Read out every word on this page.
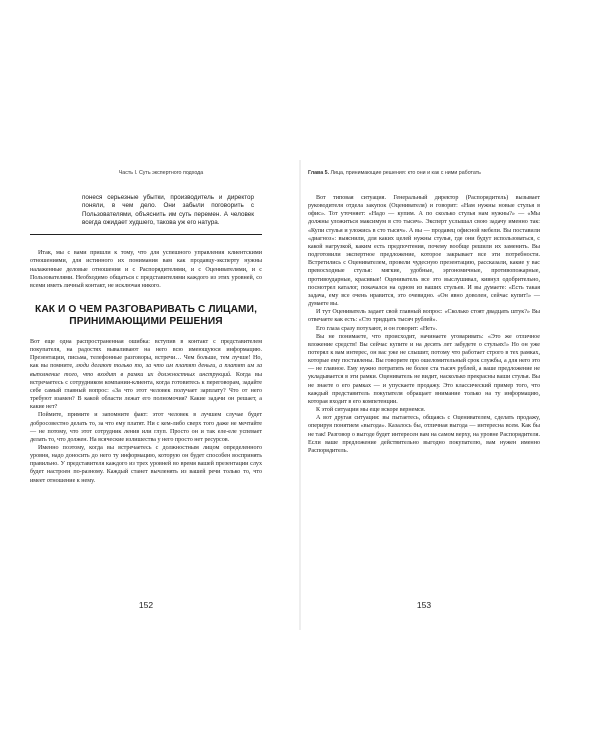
Часть I. Суть экспертного подхода
понеся серьезные убытки, производитель и директор поняли, в чем дело. Они забыли поговорить с Пользователями, объяснить им суть перемен. А человек всегда ожидает худшего, такова уж его натура.

Итак, мы с вами пришли к тому, что для успешного управления клиентскими отношениями, для истинного их понимания вам как продавцу-эксперту нужны налаженные деловые отношения и с Распорядителями, и с Оценивателями, и с Пользователями. Необходимо общаться с представителями каждого из этих уровней, со всеми иметь личный контакт, не исключая никого.

КАК И О ЧЕМ РАЗГОВАРИВАТЬ С ЛИЦАМИ, ПРИНИМАЮЩИМИ РЕШЕНИЯ

Вот еще одна распространенная ошибка: вступив в контакт с представителем покупателя, на радостях вываливают на него всю имеющуюся информацию. Презентации, письма, телефонные разговоры, встречи… Чем больше, тем лучше! Но, как вы помните, люди делают только то, за что им платят деньги, а платят им за выполнение того, что входит в рамки их должностных инструкций. Когда вы встречаетесь с сотрудником компании-клиента, когда готовитесь к переговорам, задайте себе самый главный вопрос: «За что этот человек получает зарплату? Что от него требуют взамен? В какой области лежат его полномочия? Какие задачи он решает, а какие нет?

Поймите, примите и запомните факт: этот человек в лучшем случае будет добросовестно делать то, за что ему платят. Ни с кем-либо сверх того даже не мечтайте — не потому, что этот сотрудник ленив или глуп. Просто он и так еле-еле успевает делать то, что должен. На всяческие излишества у него просто нет ресурсов.

Именно поэтому, когда вы встречаетесь с должностным лицом определенного уровня, надо доносить до него ту информацию, которую он будет способен воспринять правильно. У представителя каждого из трех уровней во время вашей презентации слух будет настроен по-разному. Каждый станет вычленять из вашей речи только то, что имеет отношение к нему.

152
Глава 5. Лица, принимающие решения: кто они и как с ними работать

Вот типовая ситуация. Генеральный директор (Распорядитель) вызывает руководителя отдела закупок (Оценивателя) и говорит: «Нам нужны новые стулья в офис». Тот уточняет: «Надо — купим. А по сколько стулья нам нужны?» — «Мы должны уложиться максимум в сто тысяч». Эксперт услышал свою задачу именно так: «Купи стулья и уложись в сто тысяч». А вы — продавец офисной мебели. Вы поставили «диагноз»: выяснили, для каких целей нужны стулья, где они будут использоваться, с какой нагрузкой, каким есть предпочтения, почему вообще решили их заменить. Вы подготовили экспертное предложение, которое закрывает все эти потребности. Встретились с Оценивателем, провели чудесную презентацию, рассказали, какие у вас превосходные стулья: мягкие, удобные, эргономичные, противопожарные, противоударные, красивые! Оцениватель все это выслушивал, кивнул одобрительно, посмотрел каталог, покачался на одном из ваших стульев. И вы думаете: «Есть такая задача, ему все очень нравится, это очевидно. «Он явно доволен, сейчас купит!» — думаете вы.

И тут Оцениватель задает свой главный вопрос: «Сколько стоят двадцать штук?» Вы отвечаете как есть: «Сто тридцать тысяч рублей».

Его глаза сразу потухают, и он говорит: «Нет».

Вы не понимаете, что происходит, начинаете уговаривать: «Это же отличное вложение средств! Вы сейчас купите и на десять лет забудете о стульях!» Но он уже потерял к вам интерес, он вас уже не слышит, потому что работает строго в тех рамках, которые ему поставлены. Вы говорите про ошеломительный срок службы, а для него это — не главное. Ему нужно потратить не более ста тысяч рублей, а ваше предложение не укладывается в эти рамки. Оцениватель не видит, насколько прекрасны ваши стулья. Вы не знаете о его рамках — и упускаете продажу. Это классический пример того, что каждый представитель покупателя обращает внимание только на ту информацию, которая входит в его компетенции.

К этой ситуации мы еще вскоре вернемся.

А вот другая ситуация: вы пытаетесь, общаясь с Оценивателем, сделать продажу, оперируя понятием «выгода». Казалось бы, отличная выгода — интересна всем. Как бы не так! Разговор о выгоде будет интересен вам на самом верху, на уровне Распорядителя. Если ваше предложение действительно выгодно покупателю, вам нужен именно Распорядитель.

153
